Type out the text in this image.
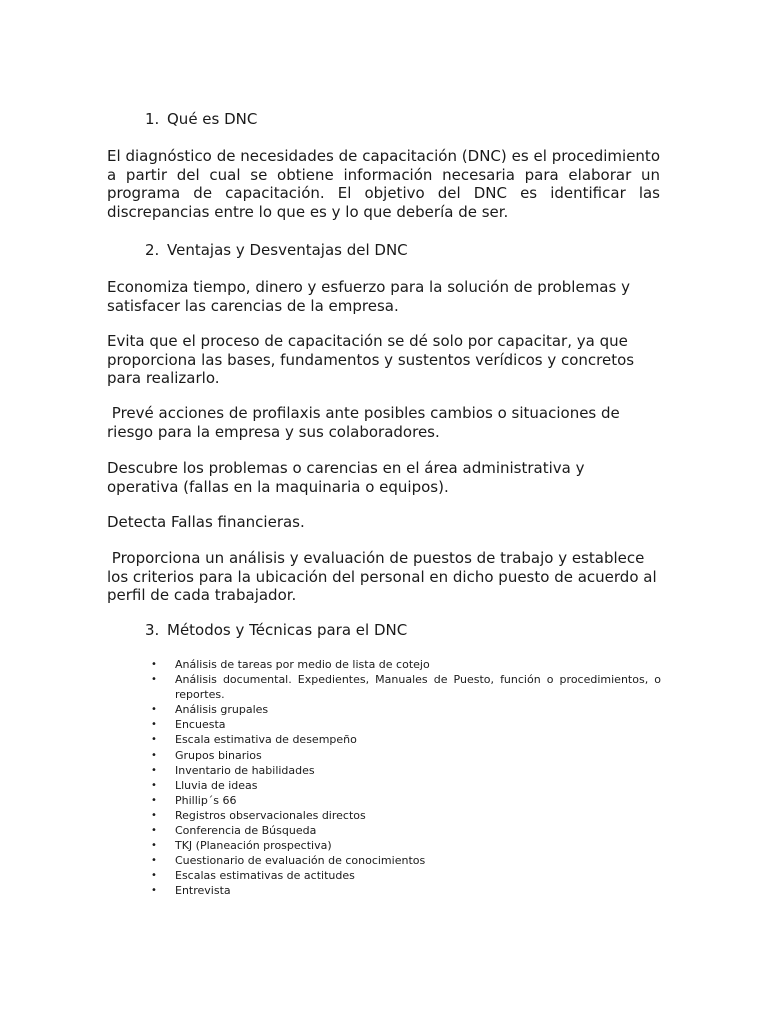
1. Qué es DNC

El diagnóstico de necesidades de capacitación (DNC) es el procedimiento a partir del cual se obtiene información necesaria para elaborar un programa de capacitación. El objetivo del DNC es identificar las discrepancias entre lo que es y lo que debería de ser.

2. Ventajas y Desventajas del DNC

Economiza tiempo, dinero y esfuerzo para la solución de problemas y satisfacer las carencias de la empresa.

Evita que el proceso de capacitación se dé solo por capacitar, ya que proporciona las bases, fundamentos y sustentos verídicos y concretos para realizarlo.

Prevé acciones de profilaxis ante posibles cambios o situaciones de riesgo para la empresa y sus colaboradores.

Descubre los problemas o carencias en el área administrativa y operativa (fallas en la maquinaria o equipos).

Detecta Fallas financieras.

Proporciona un análisis y evaluación de puestos de trabajo y establece los criterios para la ubicación del personal en dicho puesto de acuerdo al perfil de cada trabajador.

3. Métodos y Técnicas para el DNC
• Análisis de tareas por medio de lista de cotejo
• Análisis documental. Expedientes, Manuales de Puesto, función o procedimientos, o reportes.
• Análisis grupales
• Encuesta
• Escala estimativa de desempeño
• Grupos binarios
• Inventario de habilidades
• Lluvia de ideas
• Phillip´s 66
• Registros observacionales directos
• Conferencia de Búsqueda
• TKJ (Planeación prospectiva)
• Cuestionario de evaluación de conocimientos
• Escalas estimativas de actitudes
• Entrevista
